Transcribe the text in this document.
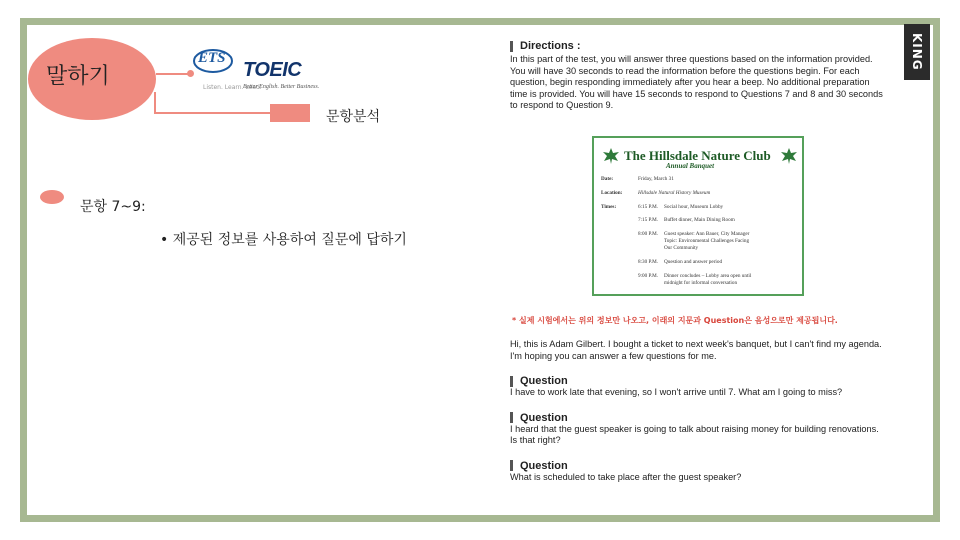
KING
말하기
ETS
Listen. Learn. Lead.
TOEIC
Better English. Better Business.
문항분석
문항 7~9:
• 제공된 정보를 사용하여 질문에 답하기
Directions :

In this part of the test, you will answer three questions based on the information provided. You will have 30 seconds to read the information before the questions begin. For each question, begin responding immediately after you hear a beep. No additional preparation time is provided. You will have 15 seconds to respond to Questions 7 and 8 and 30 seconds to respond to Question 9.

The Hillsdale Nature Club
Annual Banquet
Date:	Friday, March 31
Location:	Hillsdale Natural History Museum
Times:	6:15 P.M. Social hour, Museum Lobby
7:15 P.M. Buffet dinner, Main Dining Room
8:00 P.M. Guest speaker: Ann Bauer, City Manager
Topic: Environmental Challenges Facing
Our Community
8:30 P.M. Question and answer period
9:00 P.M. Dinner concludes – Lobby area open until
midnight for informal conversation
* 실제 시험에서는 위의 정보만 나오고, 이래의 지문과 Question은 음성으로만 제공됩니다.

Hi, this is Adam Gilbert. I bought a ticket to next week's banquet, but I can't find my agenda. I'm hoping you can answer a few questions for me.

Question

I have to work late that evening, so I won't arrive until 7. What am I going to miss?

Question

I heard that the guest speaker is going to talk about raising money for building renovations. Is that right?

Question

What is scheduled to take place after the guest speaker?
